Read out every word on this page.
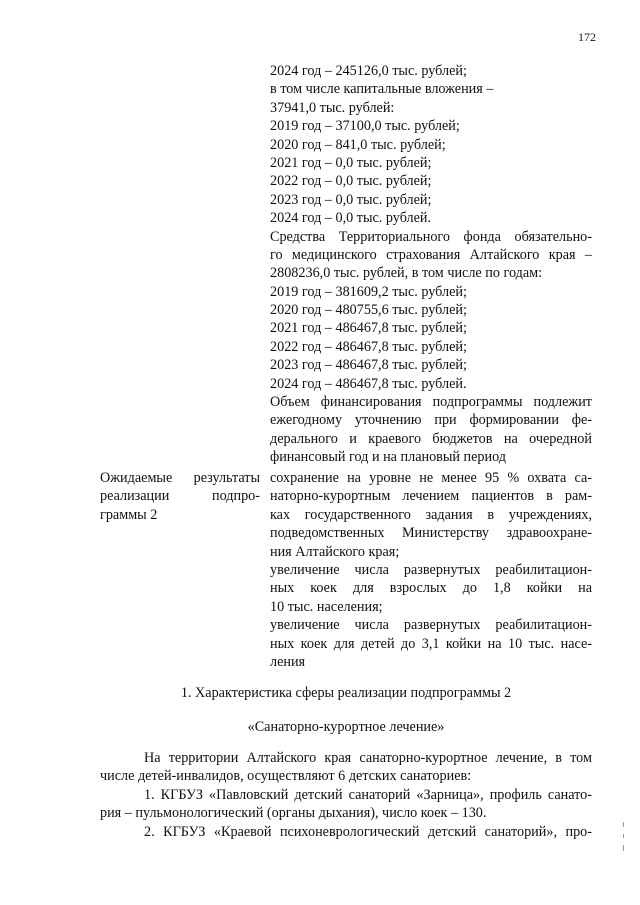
172
2024 год – 245126,0 тыс. рублей;
в том числе капитальные вложения –
37941,0 тыс. рублей:
2019 год – 37100,0 тыс. рублей;
2020 год – 841,0 тыс. рублей;
2021 год – 0,0 тыс. рублей;
2022 год – 0,0 тыс. рублей;
2023 год – 0,0 тыс. рублей;
2024 год – 0,0 тыс. рублей.
Средства Территориального фонда обязательно-
го медицинского страхования Алтайского края –
2808236,0 тыс. рублей, в том числе по годам:
2019 год – 381609,2 тыс. рублей;
2020 год – 480755,6 тыс. рублей;
2021 год – 486467,8 тыс. рублей;
2022 год – 486467,8 тыс. рублей;
2023 год – 486467,8 тыс. рублей;
2024 год – 486467,8 тыс. рублей.
Объем финансирования подпрограммы подлежит
ежегодному уточнению при формировании фе-
дерального и краевого бюджетов на очередной
финансовый год и на плановый период
Ожидаемые результаты
реализации подпро-
граммы 2
сохранение на уровне не менее 95 % охвата са-
наторно-курортным лечением пациентов в рам-
ках государственного задания в учреждениях,
подведомственных Министерству здравоохране-
ния Алтайского края;
увеличение числа развернутых реабилитацион-
ных коек для взрослых до 1,8 койки на
10 тыс. населения;
увеличение числа развернутых реабилитацион-
ных коек для детей до 3,1 койки на 10 тыс. насе-
ления
1. Характеристика сферы реализации подпрограммы 2
«Санаторно-курортное лечение»
На территории Алтайского края санаторно-курортное лечение, в том
числе детей-инвалидов, осуществляют 6 детских санаториев:
1. КГБУЗ «Павловский детский санаторий «Зарница», профиль санато-
рия – пульмонологический (органы дыхания), число коек – 130.
2. КГБУЗ «Краевой психоневрологический детский санаторий», про-
